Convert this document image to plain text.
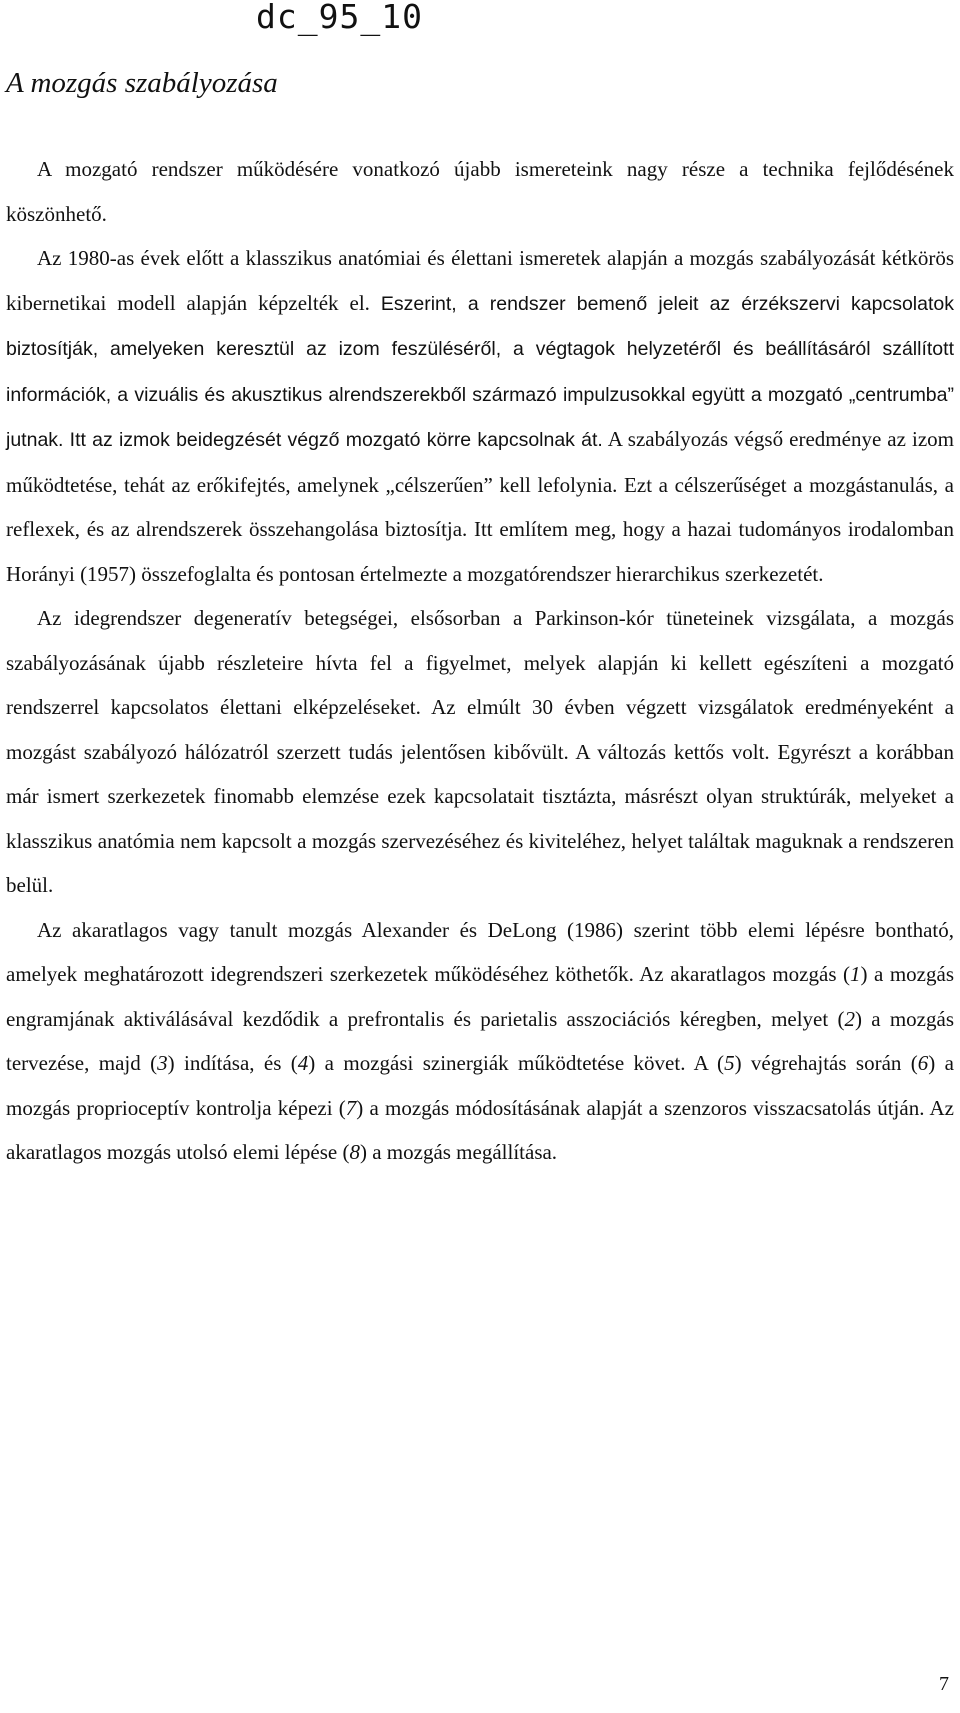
dc_95_10
A mozgás szabályozása

A mozgató rendszer működésére vonatkozó újabb ismereteink nagy része a technika fejlődésének köszönhető.

Az 1980-as évek előtt a klasszikus anatómiai és élettani ismeretek alapján a mozgás szabályozását kétkörös kibernetikai modell alapján képzelték el. Eszerint, a rendszer bemenő jeleit az érzékszervi kapcsolatok biztosítják, amelyeken keresztül az izom feszüléséről, a végtagok helyzetéről és beállításáról szállított információk, a vizuális és akusztikus alrendszerekből származó impulzusokkal együtt a mozgató „centrumba” jutnak. Itt az izmok beidegzését végző mozgató körre kapcsolnak át. A szabályozás végső eredménye az izom működtetése, tehát az erőkifejtés, amelynek „célszerűen” kell lefolynia. Ezt a célszerűséget a mozgástanulás, a reflexek, és az alrendszerek összehangolása biztosítja. Itt említem meg, hogy a hazai tudományos irodalomban Horányi (1957) összefoglalta és pontosan értelmezte a mozgatórendszer hierarchikus szerkezetét.

Az idegrendszer degeneratív betegségei, elsősorban a Parkinson-kór tüneteinek vizsgálata, a mozgás szabályozásának újabb részleteire hívta fel a figyelmet, melyek alapján ki kellett egészíteni a mozgató rendszerrel kapcsolatos élettani elképzeléseket. Az elmúlt 30 évben végzett vizsgálatok eredményeként a mozgást szabályozó hálózatról szerzett tudás jelentősen kibővült. A változás kettős volt. Egyrészt a korábban már ismert szerkezetek finomabb elemzése ezek kapcsolatait tisztázta, másrészt olyan struktúrák, melyeket a klasszikus anatómia nem kapcsolt a mozgás szervezéséhez és kiviteléhez, helyet találtak maguknak a rendszeren belül.

Az akaratlagos vagy tanult mozgás Alexander és DeLong (1986) szerint több elemi lépésre bontható, amelyek meghatározott idegrendszeri szerkezetek működéséhez köthetők. Az akaratlagos mozgás (1) a mozgás engramjának aktiválásával kezdődik a prefrontalis és parietalis asszociációs kéregben, melyet (2) a mozgás tervezése, majd (3) indítása, és (4) a mozgási szinergiák működtetése követ. A (5) végrehajtás során (6) a mozgás proprioceptív kontrolja képezi (7) a mozgás módosításának alapját a szenzoros visszacsatolás útján. Az akaratlagos mozgás utolsó elemi lépése (8) a mozgás megállítása.

7
